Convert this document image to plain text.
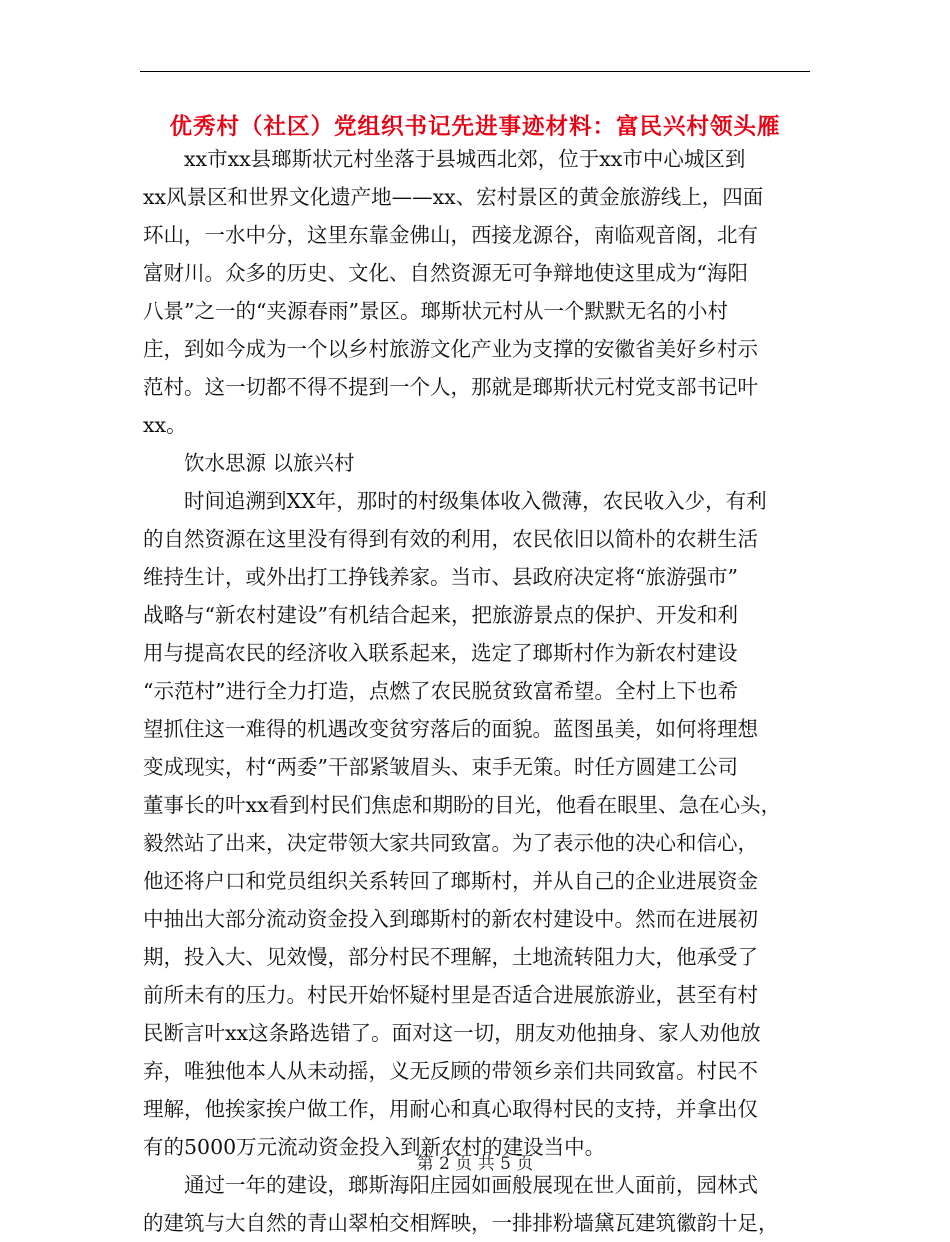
优秀村（社区）党组织书记先进事迹材料：富民兴村领头雁

　　xx市xx县瑯斯状元村坐落于县城西北郊，位于xx市中心城区到

xx风景区和世界文化遗产地——xx、宏村景区的黄金旅游线上，四面

环山，一水中分，这里东靠金佛山，西接龙源谷，南临观音阁，北有

富财川。众多的历史、文化、自然资源无可争辩地使这里成为“海阳

八景”之一的“夹源春雨”景区。瑯斯状元村从一个默默无名的小村

庄，到如今成为一个以乡村旅游文化产业为支撑的安徽省美好乡村示

范村。这一切都不得不提到一个人，那就是瑯斯状元村党支部书记叶

xx。

　　饮水思源 以旅兴村

　　时间追溯到XX年，那时的村级集体收入微薄，农民收入少，有利

的自然资源在这里没有得到有效的利用，农民依旧以简朴的农耕生活

维持生计，或外出打工挣钱养家。当市、县政府决定将“旅游强市”

战略与“新农村建设”有机结合起来，把旅游景点的保护、开发和利

用与提高农民的经济收入联系起来，选定了瑯斯村作为新农村建设

“示范村”进行全力打造，点燃了农民脱贫致富希望。全村上下也希

望抓住这一难得的机遇改变贫穷落后的面貌。蓝图虽美，如何将理想

变成现实，村“两委”干部紧皱眉头、束手无策。时任方圆建工公司

董事长的叶xx看到村民们焦虑和期盼的目光，他看在眼里、急在心头，

毅然站了出来，决定带领大家共同致富。为了表示他的决心和信心，

他还将户口和党员组织关系转回了瑯斯村，并从自己的企业进展资金

中抽出大部分流动资金投入到瑯斯村的新农村建设中。然而在进展初

期，投入大、见效慢，部分村民不理解，土地流转阻力大，他承受了

前所未有的压力。村民开始怀疑村里是否适合进展旅游业，甚至有村

民断言叶xx这条路选错了。面对这一切，朋友劝他抽身、家人劝他放

弃，唯独他本人从未动摇，义无反顾的带领乡亲们共同致富。村民不

理解，他挨家挨户做工作，用耐心和真心取得村民的支持，并拿出仅

有的5000万元流动资金投入到新农村的建设当中。

　　通过一年的建设，瑯斯海阳庄园如画般展现在世人面前，园林式

的建筑与大自然的青山翠柏交相辉映，一排排粉墙黛瓦建筑徽韵十足，

第 2 页 共 5 页
